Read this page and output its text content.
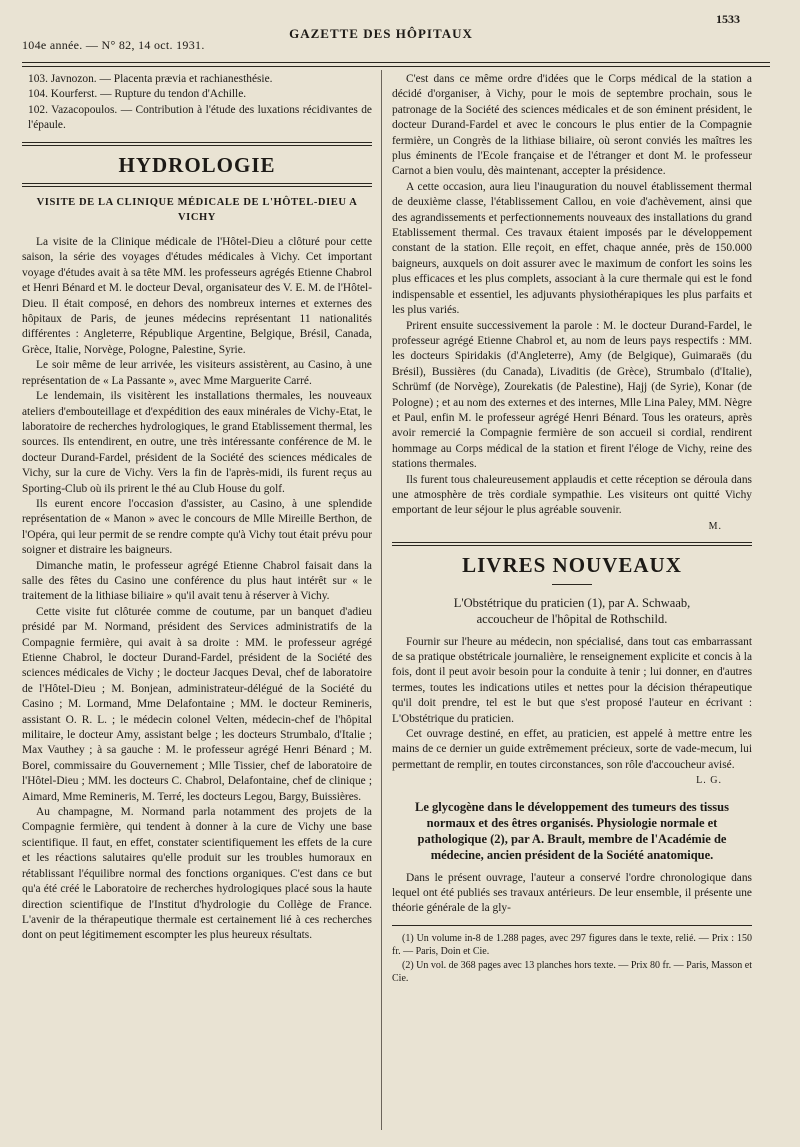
104e année. — N° 82, 14 oct. 1931.
GAZETTE DES HÔPITAUX
1533

103. Javnozon. — Placenta prævia et rachianesthésie.

104. Kourferst. — Rupture du tendon d'Achille.

102. Vazacopoulos. — Contribution à l'étude des luxations récidivantes de l'épaule.

HYDROLOGIE
VISITE DE LA CLINIQUE MÉDICALE DE L'HÔTEL-DIEU A VICHY

La visite de la Clinique médicale de l'Hôtel-Dieu a clôturé pour cette saison, la série des voyages d'études médicales à Vichy. Cet important voyage d'études avait à sa tête MM. les professeurs agrégés Etienne Chabrol et Henri Bénard et M. le docteur Deval, organisateur des V. E. M. de l'Hôtel-Dieu. Il était composé, en dehors des nombreux internes et externes des hôpitaux de Paris, de jeunes médecins représentant 11 nationalités différentes : Angleterre, République Argentine, Belgique, Brésil, Canada, Grèce, Italie, Norvège, Pologne, Palestine, Syrie.

Le soir même de leur arrivée, les visiteurs assistèrent, au Casino, à une représentation de « La Passante », avec Mme Marguerite Carré.

Le lendemain, ils visitèrent les installations thermales, les nouveaux ateliers d'embouteillage et d'expédition des eaux minérales de Vichy-Etat, le laboratoire de recherches hydrologiques, le grand Etablissement thermal, les sources. Ils entendirent, en outre, une très intéressante conférence de M. le docteur Durand-Fardel, président de la Société des sciences médicales de Vichy, sur la cure de Vichy. Vers la fin de l'après-midi, ils furent reçus au Sporting-Club où ils prirent le thé au Club House du golf.

Ils eurent encore l'occasion d'assister, au Casino, à une splendide représentation de « Manon » avec le concours de Mlle Mireille Berthon, de l'Opéra, qui leur permit de se rendre compte qu'à Vichy tout était prévu pour soigner et distraire les baigneurs.

Dimanche matin, le professeur agrégé Etienne Chabrol faisait dans la salle des fêtes du Casino une conférence du plus haut intérêt sur « le traitement de la lithiase biliaire » qu'il avait tenu à réserver à Vichy.

Cette visite fut clôturée comme de coutume, par un banquet d'adieu présidé par M. Normand, président des Services administratifs de la Compagnie fermière, qui avait à sa droite : MM. le professeur agrégé Etienne Chabrol, le docteur Durand-Fardel, président de la Société des sciences médicales de Vichy ; le docteur Jacques Deval, chef de laboratoire de l'Hôtel-Dieu ; M. Bonjean, administrateur-délégué de la Société du Casino ; M. Lormand, Mme Delafontaine ; MM. le docteur Remineris, assistant O. R. L. ; le médecin colonel Velten, médecin-chef de l'hôpital militaire, le docteur Amy, assistant belge ; les docteurs Strumbalo, d'Italie ; Max Vauthey ; à sa gauche : M. le professeur agrégé Henri Bénard ; M. Borel, commissaire du Gouvernement ; Mlle Tissier, chef de laboratoire de l'Hôtel-Dieu ; MM. les docteurs C. Chabrol, Delafontaine, chef de clinique ; Aimard, Mme Remineris, M. Terré, les docteurs Legou, Bargy, Buissières.

Au champagne, M. Normand parla notamment des projets de la Compagnie fermière, qui tendent à donner à la cure de Vichy une base scientifique. Il faut, en effet, constater scientifiquement les effets de la cure et les réactions salutaires qu'elle produit sur les troubles humoraux en rétablissant l'équilibre normal des fonctions organiques. C'est dans ce but qu'a été créé le Laboratoire de recherches hydrologiques placé sous la haute direction scientifique de l'Institut d'hydrologie du Collège de France. L'avenir de la thérapeutique thermale est certainement lié à ces recherches dont on peut légitimement escompter les plus heureux résultats.

C'est dans ce même ordre d'idées que le Corps médical de la station a décidé d'organiser, à Vichy, pour le mois de septembre prochain, sous le patronage de la Société des sciences médicales et de son éminent président, le docteur Durand-Fardel et avec le concours le plus entier de la Compagnie fermière, un Congrès de la lithiase biliaire, où seront conviés les maîtres les plus éminents de l'Ecole française et de l'étranger et dont M. le professeur Carnot a bien voulu, dès maintenant, accepter la présidence.

A cette occasion, aura lieu l'inauguration du nouvel établissement thermal de deuxième classe, l'établissement Callou, en voie d'achèvement, ainsi que des agrandissements et perfectionnements nouveaux des installations du grand Etablissement thermal. Ces travaux étaient imposés par le développement constant de la station. Elle reçoit, en effet, chaque année, près de 150.000 baigneurs, auxquels on doit assurer avec le maximum de confort les soins les plus efficaces et les plus complets, associant à la cure thermale qui est le fond indispensable et essentiel, les adjuvants physiothérapiques les plus parfaits et les plus variés.

Prirent ensuite successivement la parole : M. le docteur Durand-Fardel, le professeur agrégé Etienne Chabrol et, au nom de leurs pays respectifs : MM. les docteurs Spiridakis (d'Angleterre), Amy (de Belgique), Guimaraës (du Brésil), Bussières (du Canada), Livaditis (de Grèce), Strumbalo (d'Italie), Schrümf (de Norvège), Zourekatis (de Palestine), Hajj (de Syrie), Konar (de Pologne) ; et au nom des externes et des internes, Mlle Lina Paley, MM. Nègre et Paul, enfin M. le professeur agrégé Henri Bénard. Tous les orateurs, après avoir remercié la Compagnie fermière de son accueil si cordial, rendirent hommage au Corps médical de la station et firent l'éloge de Vichy, reine des stations thermales.

Ils furent tous chaleureusement applaudis et cette réception se déroula dans une atmosphère de très cordiale sympathie. Les visiteurs ont quitté Vichy emportant de leur séjour le plus agréable souvenir.

M.
LIVRES NOUVEAUX
L'Obstétrique du praticien (1), par A. Schwaab,
accoucheur de l'hôpital de Rothschild.

Fournir sur l'heure au médecin, non spécialisé, dans tout cas embarrassant de sa pratique obstétricale journalière, le renseignement explicite et concis à la fois, dont il peut avoir besoin pour la conduite à tenir ; lui donner, en d'autres termes, toutes les indications utiles et nettes pour la décision thérapeutique qu'il doit prendre, tel est le but que s'est proposé l'auteur en écrivant : L'Obstétrique du praticien.

Cet ouvrage destiné, en effet, au praticien, est appelé à mettre entre les mains de ce dernier un guide extrêmement précieux, sorte de vade-mecum, lui permettant de remplir, en toutes circonstances, son rôle d'accoucheur avisé.

L. G.
Le glycogène dans le développement des tumeurs des tissus normaux et des êtres organisés. Physiologie normale et pathologique (2), par A. Brault, membre de l'Académie de médecine, ancien président de la Société anatomique.

Dans le présent ouvrage, l'auteur a conservé l'ordre chronologique dans lequel ont été publiés ses travaux antérieurs. De leur ensemble, il présente une théorie générale de la gly-

(1) Un volume in-8 de 1.288 pages, avec 297 figures dans le texte, relié. — Prix : 150 fr. — Paris, Doin et Cie.

(2) Un vol. de 368 pages avec 13 planches hors texte. — Prix 80 fr. — Paris, Masson et Cie.
